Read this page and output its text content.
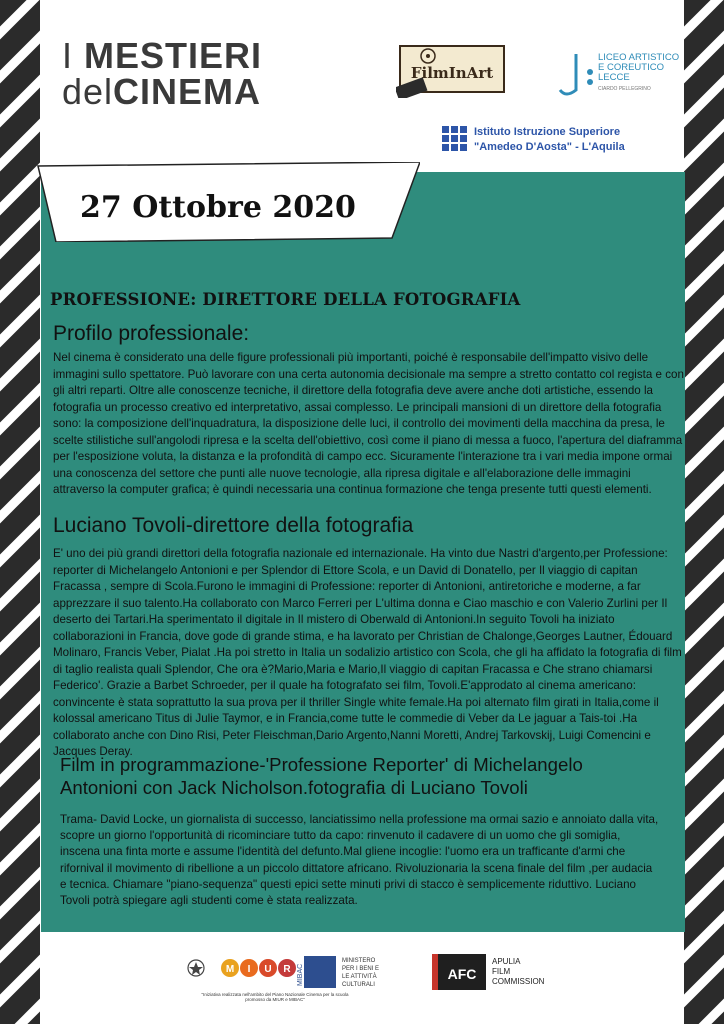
I MESTIERI
delCINEMA	FilmInArt
LICEO ARTISTICO
E COREUTICO
LECCE
CIARDO PELLEGRINO
Istituto Istruzione Superiore
"Amedeo D'Aosta" - L'Aquila
27 Ottobre 2020
PROFESSIONE: DIRETTORE DELLA FOTOGRAFIA
Profilo professionale:
Nel cinema è considerato una delle figure professionali più importanti, poiché è responsabile dell'impatto visivo delle immagini sullo spettatore. Può lavorare con una certa autonomia decisionale ma sempre a stretto contatto col regista e con gli altri reparti. Oltre alle conoscenze tecniche, il direttore della fotografia deve avere anche doti artistiche, essendo la fotografia un processo creativo ed interpretativo, assai complesso. Le principali mansioni di un direttore della fotografia sono: la composizione dell'inquadratura, la disposizione delle luci, il controllo dei movimenti della macchina da presa, le scelte stilistiche sull'angolodi ripresa e la scelta dell'obiettivo, così come il piano di messa a fuoco, l'apertura del diaframma per l'esposizione voluta, la distanza e la profondità di campo ecc. Sicuramente l'interazione tra i vari media impone ormai una conoscenza del settore che punti alle nuove tecnologie, alla ripresa digitale e all'elaborazione delle immagini attraverso la computer grafica; è quindi necessaria una continua formazione che tenga presente tutti questi elementi.
Luciano Tovoli-direttore della fotografia
E' uno dei più grandi direttori della fotografia nazionale ed internazionale. Ha vinto due Nastri d'argento,per Professione: reporter di Michelangelo Antonioni e per Splendor di Ettore Scola, e un David di Donatello, per Il viaggio di capitan Fracassa , sempre di Scola.Furono le immagini di Professione: reporter di Antonioni, antiretoriche e moderne, a far apprezzare il suo talento.Ha collaborato con Marco Ferreri per L'ultima donna e Ciao maschio e con Valerio Zurlini per Il deserto dei Tartari.Ha sperimentato il digitale in Il mistero di Oberwald di Antonioni.In seguito Tovoli ha iniziato collaborazioni in Francia, dove gode di grande stima, e ha lavorato per Christian de Chalonge,Georges Lautner, Édouard Molinaro, Francis Veber, Pialat .Ha poi stretto in Italia un sodalizio artistico con Scola, che gli ha affidato la fotografia di film di taglio realista quali Splendor, Che ora è?Mario,Maria e Mario,Il viaggio di capitan Fracassa e Che strano chiamarsi Federico'. Grazie a Barbet Schroeder, per il quale ha fotografato sei film, Tovoli.E'approdato al cinema americano: convincente è stata soprattutto la sua prova per il thriller Single white female.Ha poi alternato film girati in Italia,come il kolossal americano Titus di Julie Taymor, e in Francia,come tutte le commedie di Veber da Le jaguar a Tais-toi .Ha collaborato anche con Dino Risi, Peter Fleischman,Dario Argento,Nanni Moretti, Andrej Tarkovskij, Luigi Comencini e Jacques Deray.
Film in programmazione-'Professione Reporter' di Michelangelo Antonioni con Jack Nicholson.fotografia di Luciano Tovoli
Trama- David Locke, un giornalista di successo, lanciatissimo nella professione ma ormai sazio e annoiato dalla vita, scopre un giorno l'opportunità di ricominciare tutto da capo: rinvenuto il cadavere di un uomo che gli somiglia, inscena una finta morte e assume l'identità del defunto.Mal gliene incoglie: l'uomo era un trafficante d'armi che rifornival il movimento di ribellione a un piccolo dittatore africano. Rivoluzionaria la scena finale del film ,per audacia e tecnica. Chiamare "piano-sequenza" questi epici sette minuti privi di stacco è semplicemente riduttivo. Luciano Tovoli potrà spiegare agli studenti come è stata realizzata.
M I U R MIBAC
MINISTERO
PER I BENI E
LE ATTIVITÀ
CULTURALI
AFC
APULIA
FILM
COMMISSION
"Iniziativa realizzata nell'ambito del Piano Nazionale Cinema per la scuola promosso da MIUR e MIBAC"
